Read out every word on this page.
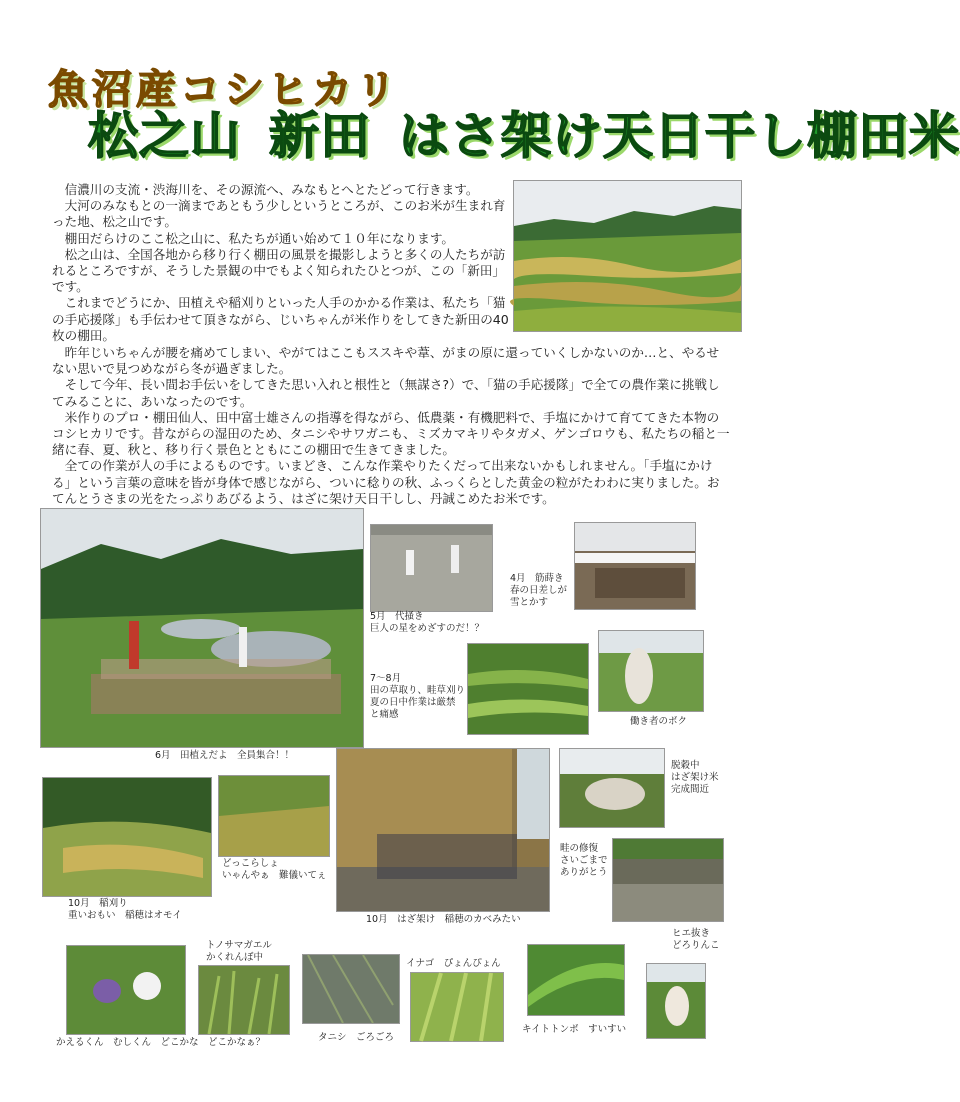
魚沼産コシヒカリ
松之山 新田 はさ架け天日干し棚田米

信濃川の支流・渋海川を、その源流へ、みなもとへとたどって行きます。

大河のみなもとの一滴まであともう少しというところが、このお米が生まれ育った地、松之山です。

棚田だらけのここ松之山に、私たちが通い始めて１０年になります。

松之山は、全国各地から移り行く棚田の風景を撮影しようと多くの人たちが訪れるところですが、そうした景観の中でもよく知られたひとつが、この「新田」です。

これまでどうにか、田植えや稲刈りといった人手のかかる作業は、私たち「猫の手応援隊」も手伝わせて頂きながら、じいちゃんが米作りをしてきた新田の40枚の棚田。

昨年じいちゃんが腰を痛めてしまい、やがてはここもススキや葦、がまの原に還っていくしかないのか…と、やるせない思いで見つめながら冬が過ぎました。

そして今年、長い間お手伝いをしてきた思い入れと根性と（無謀さ?）で、「猫の手応援隊」で全ての農作業に挑戦してみることに、あいなったのです。

米作りのプロ・棚田仙人、田中富士雄さんの指導を得ながら、低農薬・有機肥料で、手塩にかけて育ててきた本物のコシヒカリです。昔ながらの湿田のため、タニシやサワガニも、ミズカマキリやタガメ、ゲンゴロウも、私たちの稲と一緒に春、夏、秋と、移り行く景色とともにこの棚田で生きてきました。

全ての作業が人の手によるものです。いまどき、こんな作業やりたくだって出来ないかもしれません。「手塩にかける」という言葉の意味を皆が身体で感じながら、ついに稔りの秋、ふっくらとした黄金の粒がたわわに実りました。おてんとうさまの光をたっぷりあびるよう、はざに架け天日干しし、丹誠こめたお米です。

6月　田植えだよ　全員集合！！
5月　代掻き
巨人の星をめざすのだ！？
4月　筋蒔き
春の日差しが
雪とかす
7～8月
田の草取り、畦草刈り
夏の日中作業は厳禁
と痛感
働き者のボク
10月　稲刈り
重いおもい　稲穂はオモイ
どっこらしょ
いゃんやぁ　難儀いてぇ
10月　はざ架け　稲穂のカベみたい
脱穀中
はざ架け米
完成間近
畦の修復
さいごまで
ありがとう
ヒエ抜き
どろりんこ
トノサマガエル
かくれんぼ中
かえるくん　むしくん　どこかな　どこかなぁ？	タニシ　ごろごろ
イナゴ　ぴょんぴょん
キイトトンボ　すいすい
